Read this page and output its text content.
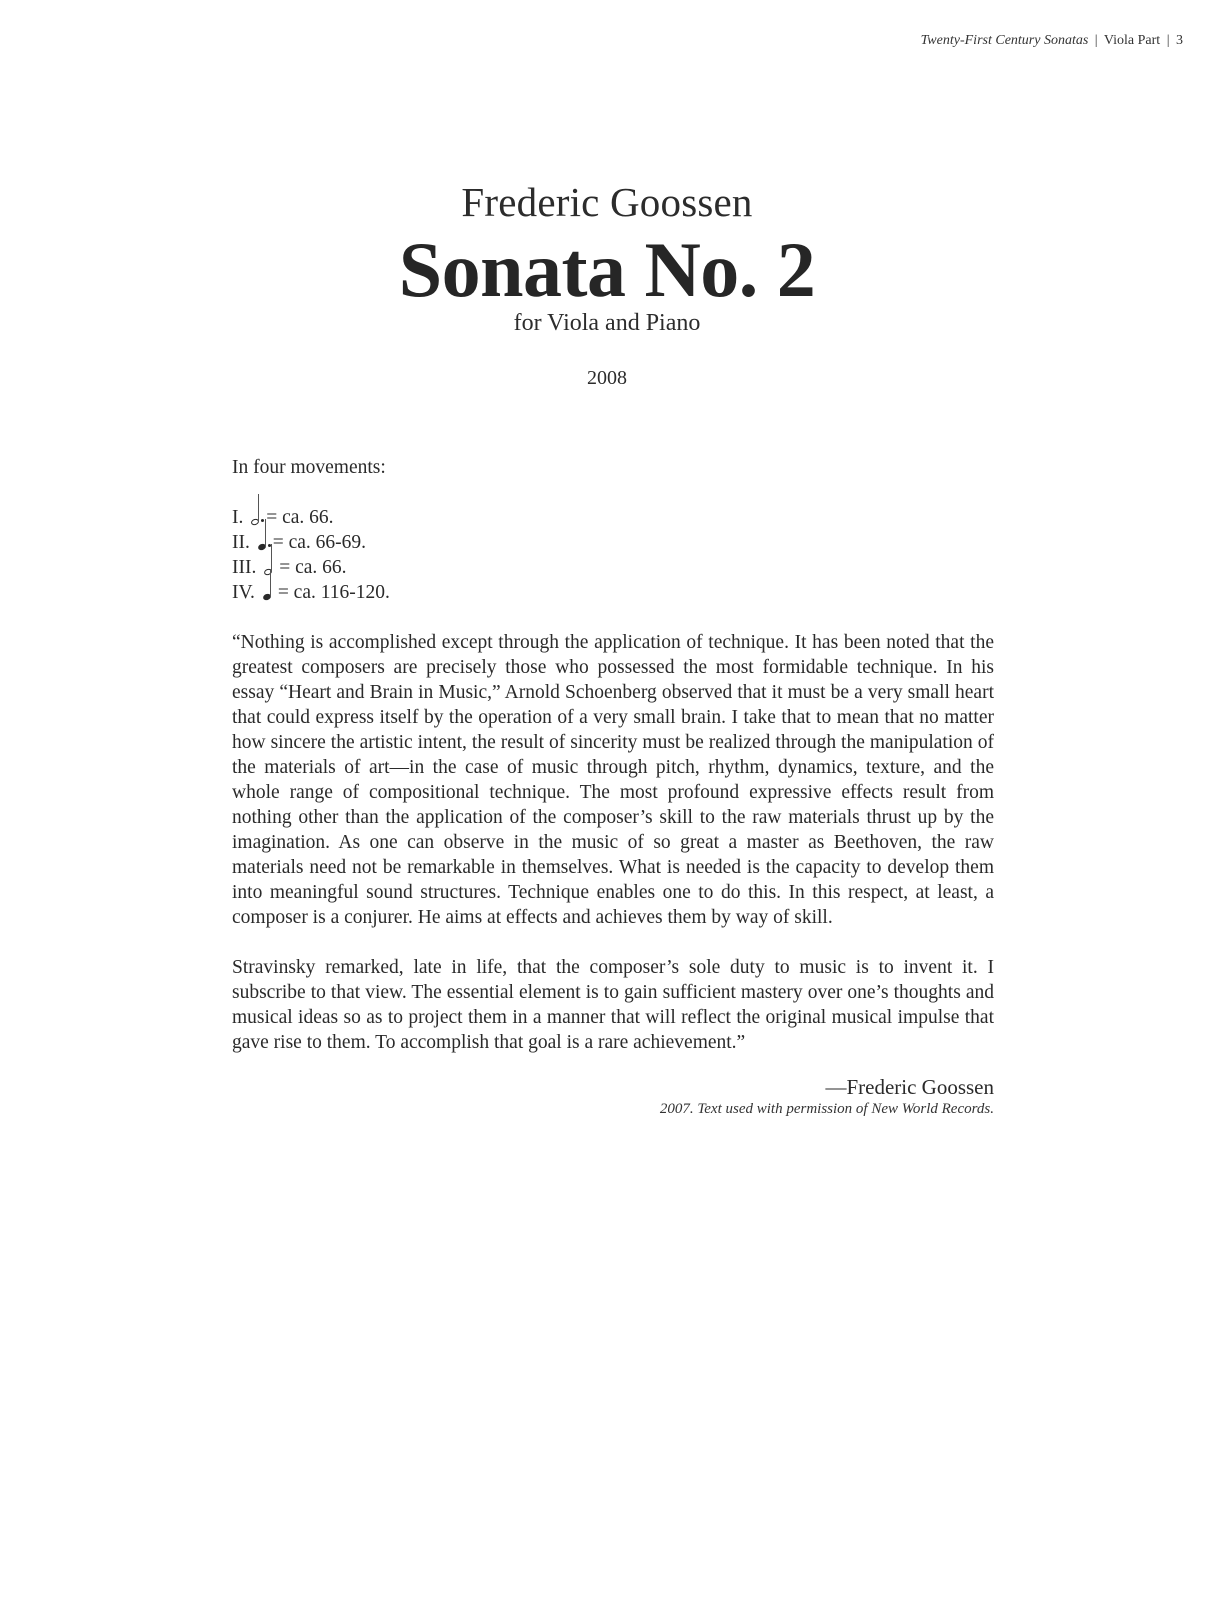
Twenty-First Century Sonatas | Viola Part | 3
Frederic Goossen
Sonata No. 2
for Viola and Piano
2008

In four movements:

I. = ca. 66.
II. = ca. 66-69.
III. = ca. 66.
IV. = ca. 116-120.

“Nothing is accomplished except through the application of technique. It has been noted that the greatest composers are precisely those who possessed the most formidable technique. In his essay “Heart and Brain in Music,” Arnold Schoenberg observed that it must be a very small heart that could express itself by the operation of a very small brain. I take that to mean that no matter how sincere the artistic intent, the result of sincerity must be realized through the manipulation of the materials of art—in the case of music through pitch, rhythm, dynamics, texture, and the whole range of compositional technique. The most profound expressive effects result from nothing other than the application of the composer’s skill to the raw materials thrust up by the imagination. As one can observe in the music of so great a master as Beethoven, the raw materials need not be remarkable in themselves. What is needed is the capacity to develop them into meaningful sound structures. Technique enables one to do this. In this respect, at least, a composer is a conjurer. He aims at effects and achieves them by way of skill.

Stravinsky remarked, late in life, that the composer’s sole duty to music is to invent it. I subscribe to that view. The essential element is to gain sufficient mastery over one’s thoughts and musical ideas so as to project them in a manner that will reflect the original musical impulse that gave rise to them. To accomplish that goal is a rare achievement.”

—Frederic Goossen
2007. Text used with permission of New World Records.
